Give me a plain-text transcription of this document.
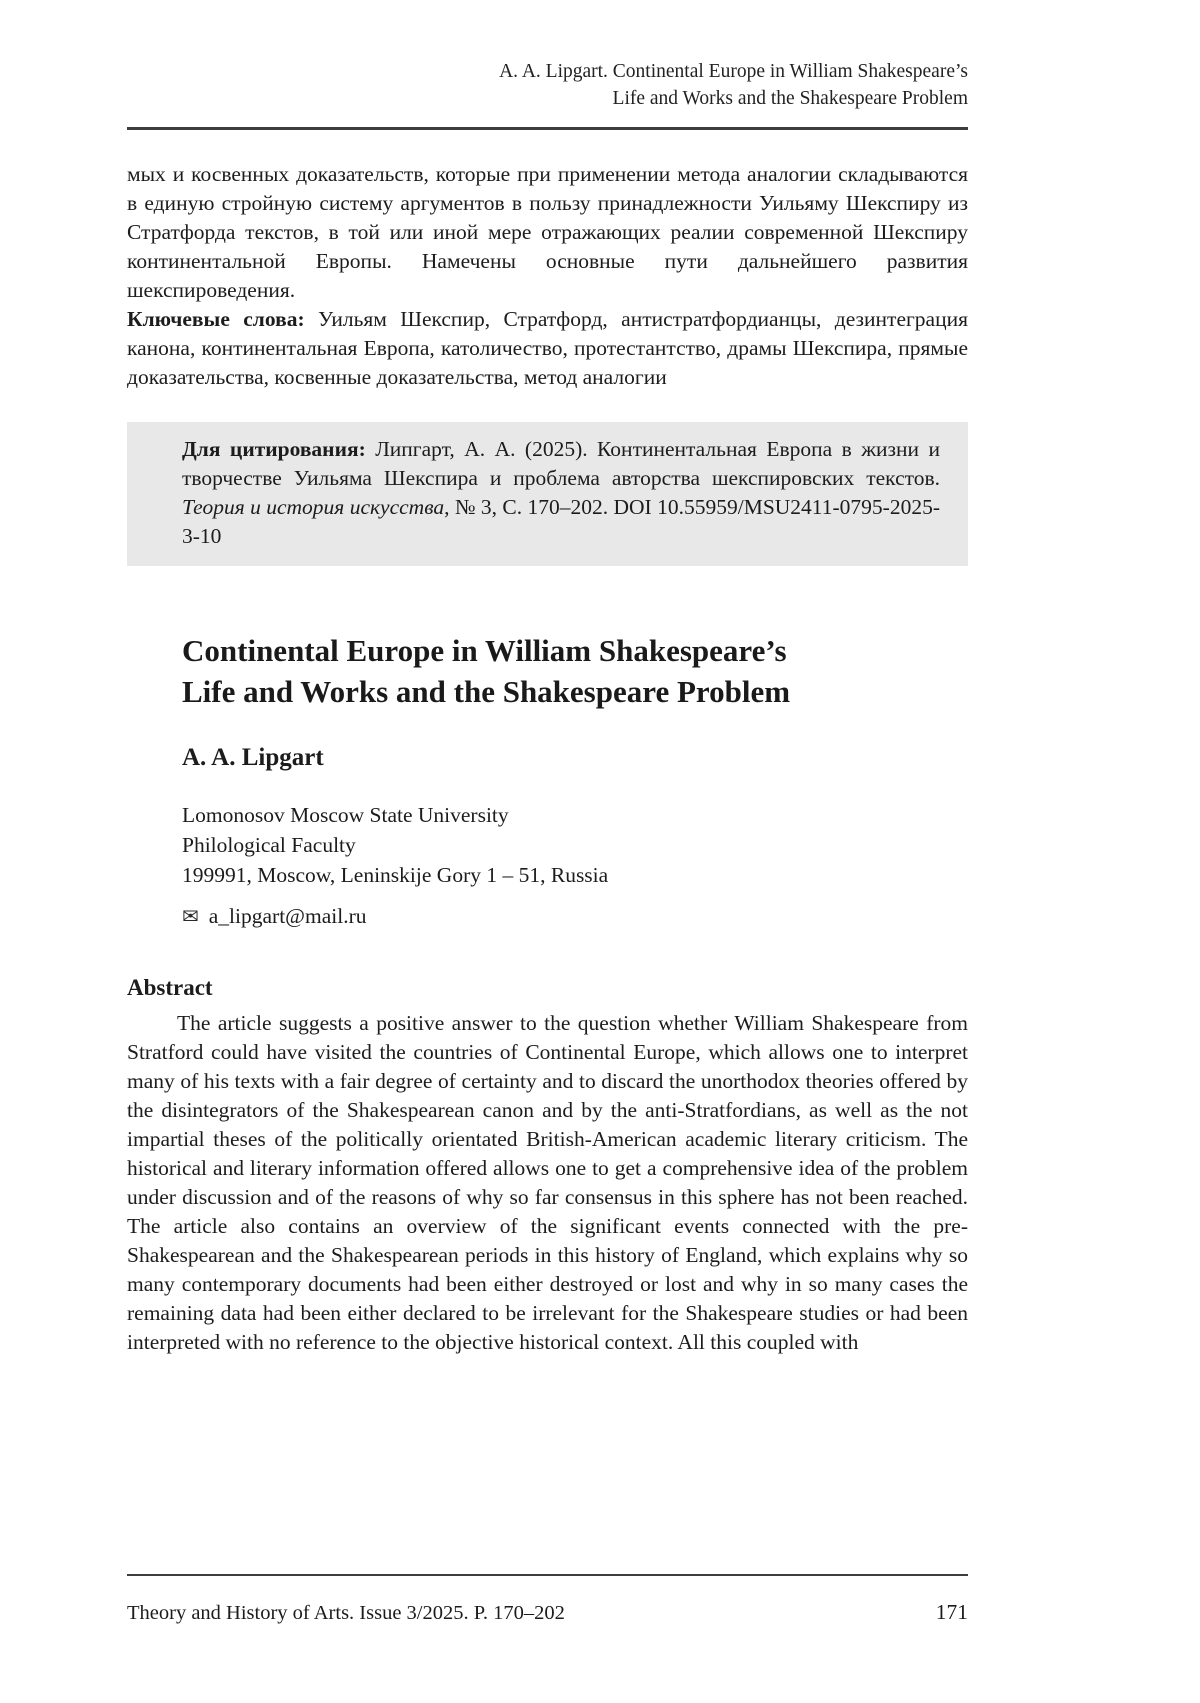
A. A. Lipgart. Continental Europe in William Shakespeare’s
Life and Works and the Shakespeare Problem

мых и косвенных доказательств, которые при применении метода аналогии складываются в единую стройную систему аргументов в пользу принадлежности Уильяму Шекспиру из Стратфорда текстов, в той или иной мере отражающих реалии современной Шекспиру континентальной Европы. Намечены основные пути дальнейшего развития шекспироведения.

Ключевые слова: Уильям Шекспир, Стратфорд, антистратфордианцы, дезинтеграция канона, континентальная Европа, католичество, протестантство, драмы Шекспира, прямые доказательства, косвенные доказательства, метод аналогии

Для цитирования: Липгарт, А. А. (2025). Континентальная Европа в жизни и творчестве Уильяма Шекспира и проблема авторства шекспировских текстов. Теория и история искусства, № 3, С. 170–202. DOI 10.55959/MSU2411-0795-2025-3-10

Continental Europe in William Shakespeare’s
Life and Works and the Shakespeare Problem

A. A. Lipgart

Lomonosov Moscow State University
Philological Faculty
199991, Moscow, Leninskije Gory 1 – 51, Russia

✉ a_lipgart@mail.ru

Abstract

The article suggests a positive answer to the question whether William Shakespeare from Stratford could have visited the countries of Continental Europe, which allows one to interpret many of his texts with a fair degree of certainty and to discard the unorthodox theories offered by the disintegrators of the Shakespearean canon and by the anti-Stratfordians, as well as the not impartial theses of the politically orientated British-American academic literary criticism. The historical and literary information offered allows one to get a comprehensive idea of the problem under discussion and of the reasons of why so far consensus in this sphere has not been reached. The article also contains an overview of the significant events connected with the pre-Shakespearean and the Shakespearean periods in this history of England, which explains why so many contemporary documents had been either destroyed or lost and why in so many cases the remaining data had been either declared to be irrelevant for the Shakespeare studies or had been interpreted with no reference to the objective historical context. All this coupled with

Theory and History of Arts. Issue 3/2025. P. 170–202	171
